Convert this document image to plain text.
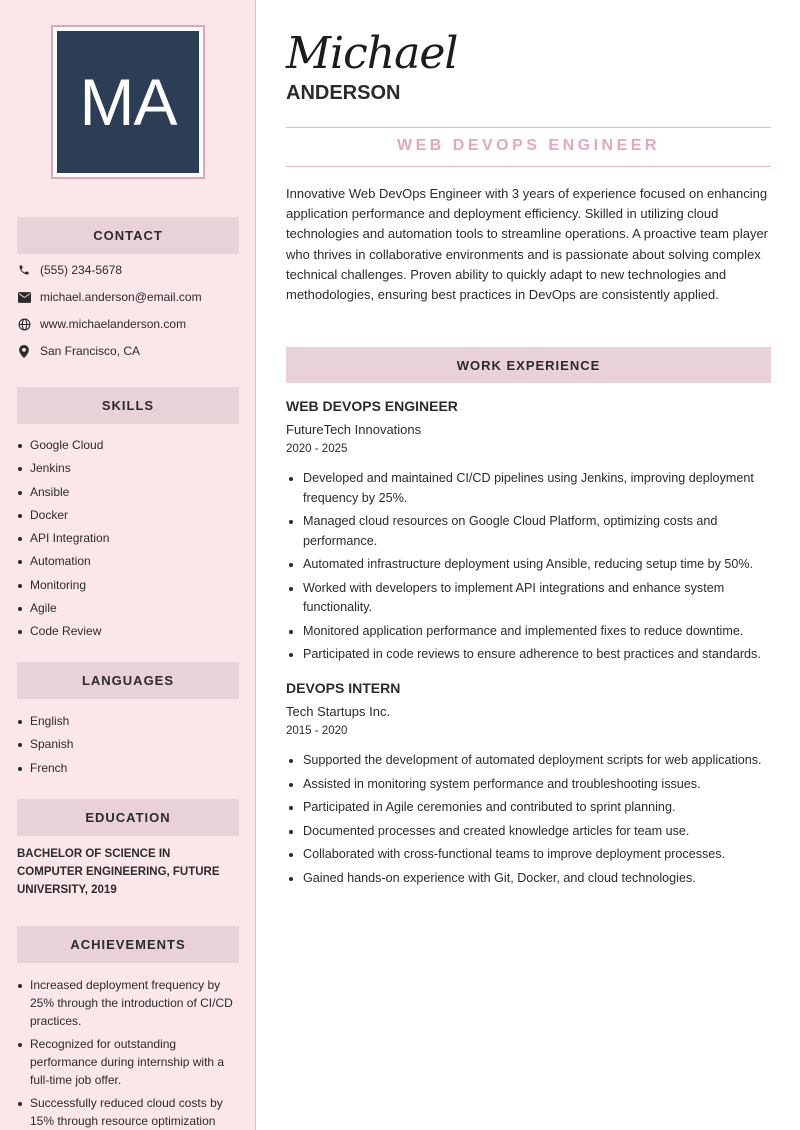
MA
CONTACT
(555) 234-5678
michael.anderson@email.com
www.michaelanderson.com
San Francisco, CA
SKILLS
Google Cloud
Jenkins
Ansible
Docker
API Integration
Automation
Monitoring
Agile
Code Review
LANGUAGES
English
Spanish
French
EDUCATION
BACHELOR OF SCIENCE IN COMPUTER ENGINEERING, FUTURE UNIVERSITY, 2019
ACHIEVEMENTS
Increased deployment frequency by 25% through the introduction of CI/CD practices.
Recognized for outstanding performance during internship with a full-time job offer.
Successfully reduced cloud costs by 15% through resource optimization
Michael
ANDERSON
WEB DEVOPS ENGINEER
Innovative Web DevOps Engineer with 3 years of experience focused on enhancing application performance and deployment efficiency. Skilled in utilizing cloud technologies and automation tools to streamline operations. A proactive team player who thrives in collaborative environments and is passionate about solving complex technical challenges. Proven ability to quickly adapt to new technologies and methodologies, ensuring best practices in DevOps are consistently applied.
WORK EXPERIENCE
WEB DEVOPS ENGINEER
FutureTech Innovations
2020 - 2025
Developed and maintained CI/CD pipelines using Jenkins, improving deployment frequency by 25%.
Managed cloud resources on Google Cloud Platform, optimizing costs and performance.
Automated infrastructure deployment using Ansible, reducing setup time by 50%.
Worked with developers to implement API integrations and enhance system functionality.
Monitored application performance and implemented fixes to reduce downtime.
Participated in code reviews to ensure adherence to best practices and standards.
DEVOPS INTERN
Tech Startups Inc.
2015 - 2020
Supported the development of automated deployment scripts for web applications.
Assisted in monitoring system performance and troubleshooting issues.
Participated in Agile ceremonies and contributed to sprint planning.
Documented processes and created knowledge articles for team use.
Collaborated with cross-functional teams to improve deployment processes.
Gained hands-on experience with Git, Docker, and cloud technologies.
